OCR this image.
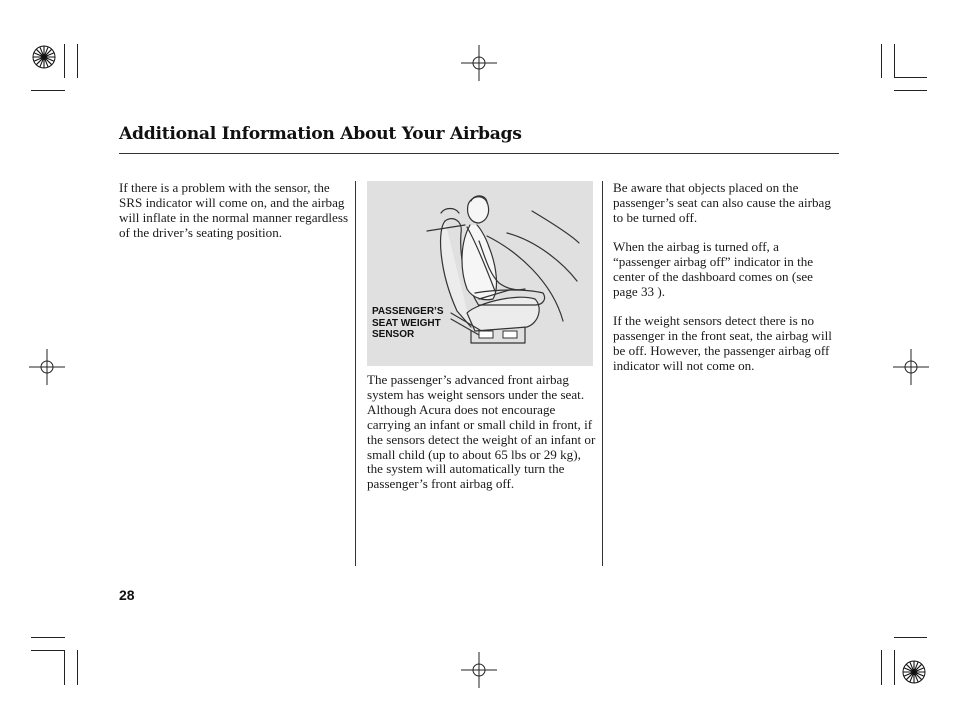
Additional Information About Your Airbags

If there is a problem with the sensor, the SRS indicator will come on, and the airbag will inflate in the normal manner regardless of the driver’s seating position.

PASSENGER’S
SEAT WEIGHT
SENSOR

The passenger’s advanced front airbag system has weight sensors under the seat. Although Acura does not encourage carrying an infant or small child in front, if the sensors detect the weight of an infant or small child (up to about 65 lbs or 29 kg), the system will automatically turn the passenger’s front airbag off.

Be aware that objects placed on the passenger’s seat can also cause the airbag to be turned off.

When the airbag is turned off, a “passenger airbag off” indicator in the center of the dashboard comes on (see page 33 ).

If the weight sensors detect there is no passenger in the front seat, the airbag will be off. However, the passenger airbag off indicator will not come on.

28
